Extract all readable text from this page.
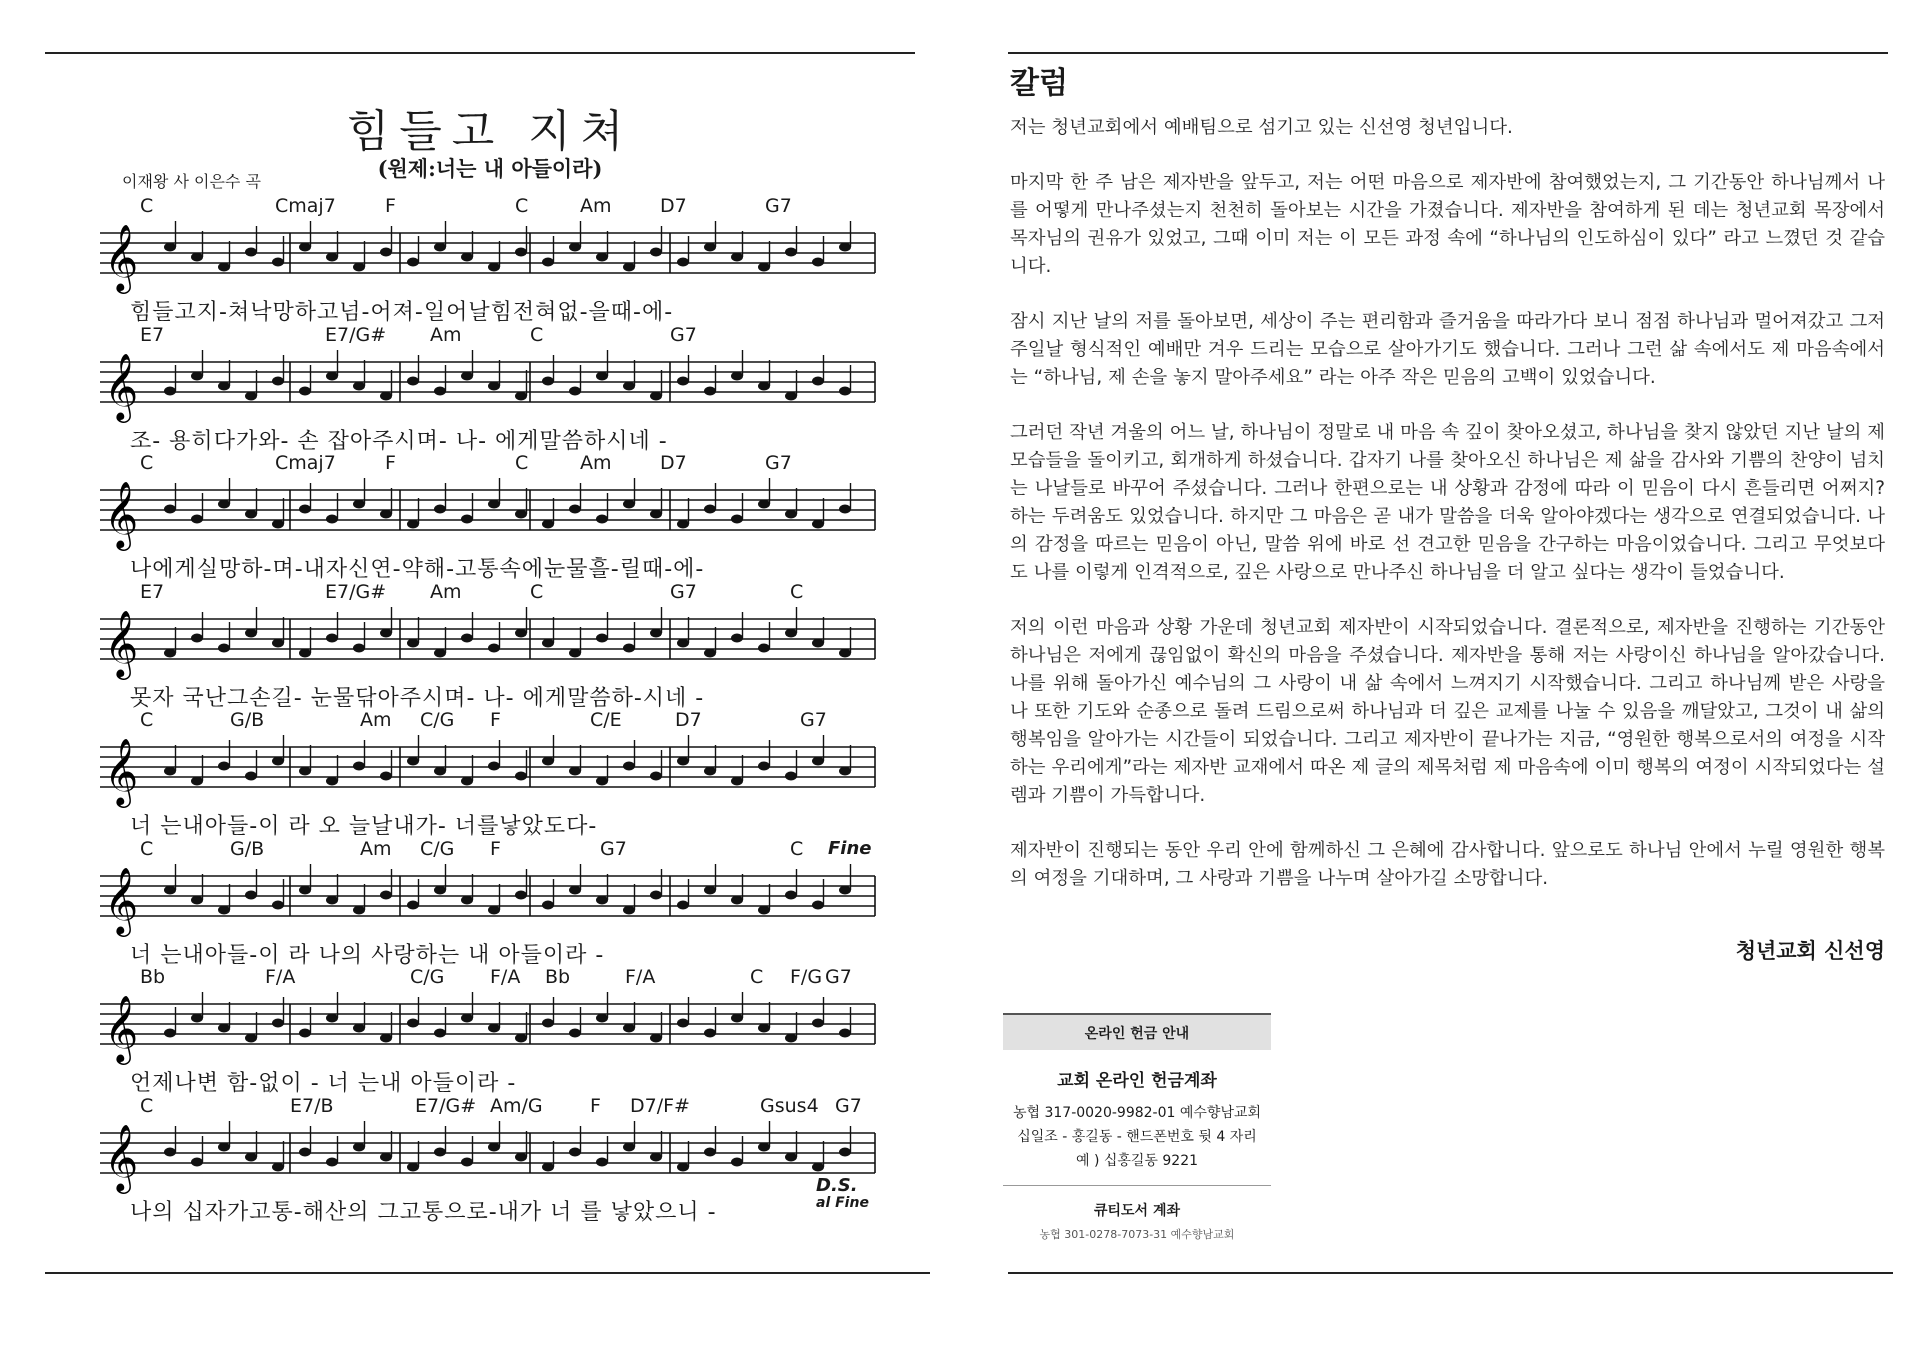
힘들고 지쳐
(원제:너는 내 아들이라)
이재왕 사 이은수 곡
𝄞
C	Cmaj7	F	C	Am	D7	G7
힘들고지-쳐낙망하고넘-어져-일어날힘전혀없-을때-에-
𝄞
E7	E7/G# Am	C	G7
조- 용히다가와- 손 잡아주시며- 나- 에게말씀하시네 -
𝄞
C	Cmaj7	F	C	Am	D7	G7
나에게실망하-며-내자신연-약해-고통속에눈물흘-릴때-에-
𝄞
E7	E7/G# Am	C	G7	C
못자 국난그손길- 눈물닦아주시며- 나- 에게말씀하-시네 -
𝄞
C	G/B	Am C/G F	C/E	D7	G7
너 는내아들-이 라 오 늘날내가- 너를낳았도다-
𝄞
C	G/B	Am C/G F	G7	C
너 는내아들-이 라 나의 사랑하는 내 아들이라 -
Fine
𝄞
Bb	F/A	C/G F/A Bb	F/A	C F/G G7
언제나변 함-없이 - 너 는내 아들이라 -
𝄞
C	E7/B	E7/G# Am/G F D7/F#	Gsus4 G7
나의 십자가고통-해산의 그고통으로-내가 너 를 낳았으니 -
D.S.
al Fine
칼럼

저는 청년교회에서 예배팀으로 섬기고 있는 신선영 청년입니다.

마지막 한 주 남은 제자반을 앞두고, 저는 어떤 마음으로 제자반에 참여했었는지, 그 기간동안 하나님께서 나를 어떻게 만나주셨는지 천천히 돌아보는 시간을 가졌습니다. 제자반을 참여하게 된 데는 청년교회 목장에서 목자님의 권유가 있었고, 그때 이미 저는 이 모든 과정 속에 “하나님의 인도하심이 있다” 라고 느꼈던 것 같습니다.

잠시 지난 날의 저를 돌아보면, 세상이 주는 편리함과 즐거움을 따라가다 보니 점점 하나님과 멀어져갔고 그저 주일날 형식적인 예배만 겨우 드리는 모습으로 살아가기도 했습니다. 그러나 그런 삶 속에서도 제 마음속에서는 “하나님, 제 손을 놓지 말아주세요” 라는 아주 작은 믿음의 고백이 있었습니다.

그러던 작년 겨울의 어느 날, 하나님이 정말로 내 마음 속 깊이 찾아오셨고, 하나님을 찾지 않았던 지난 날의 제 모습들을 돌이키고, 회개하게 하셨습니다. 갑자기 나를 찾아오신 하나님은 제 삶을 감사와 기쁨의 찬양이 넘치는 나날들로 바꾸어 주셨습니다. 그러나 한편으로는 내 상황과 감정에 따라 이 믿음이 다시 흔들리면 어쩌지? 하는 두려움도 있었습니다. 하지만 그 마음은 곧 내가 말씀을 더욱 알아야겠다는 생각으로 연결되었습니다. 나의 감정을 따르는 믿음이 아닌, 말씀 위에 바로 선 견고한 믿음을 간구하는 마음이었습니다. 그리고 무엇보다도 나를 이렇게 인격적으로, 깊은 사랑으로 만나주신 하나님을 더 알고 싶다는 생각이 들었습니다.

저의 이런 마음과 상황 가운데 청년교회 제자반이 시작되었습니다. 결론적으로, 제자반을 진행하는 기간동안 하나님은 저에게 끊임없이 확신의 마음을 주셨습니다. 제자반을 통해 저는 사랑이신 하나님을 알아갔습니다. 나를 위해 돌아가신 예수님의 그 사랑이 내 삶 속에서 느껴지기 시작했습니다. 그리고 하나님께 받은 사랑을 나 또한 기도와 순종으로 돌려 드림으로써 하나님과 더 깊은 교제를 나눌 수 있음을 깨달았고, 그것이 내 삶의 행복임을 알아가는 시간들이 되었습니다. 그리고 제자반이 끝나가는 지금, “영원한 행복으로서의 여정을 시작하는 우리에게”라는 제자반 교재에서 따온 제 글의 제목처럼 제 마음속에 이미 행복의 여정이 시작되었다는 설렘과 기쁨이 가득합니다.

제자반이 진행되는 동안 우리 안에 함께하신 그 은혜에 감사합니다. 앞으로도 하나님 안에서 누릴 영원한 행복의 여정을 기대하며, 그 사랑과 기쁨을 나누며 살아가길 소망합니다.

청년교회 신선영
온라인 헌금 안내
교회 온라인 헌금계좌
농협 317-0020-9982-01 예수향남교회
십일조 - 홍길동 - 핸드폰번호 뒷 4 자리
예 ) 십홍길동 9221
큐티도서 계좌
농협 301-0278-7073-31 예수향남교회
